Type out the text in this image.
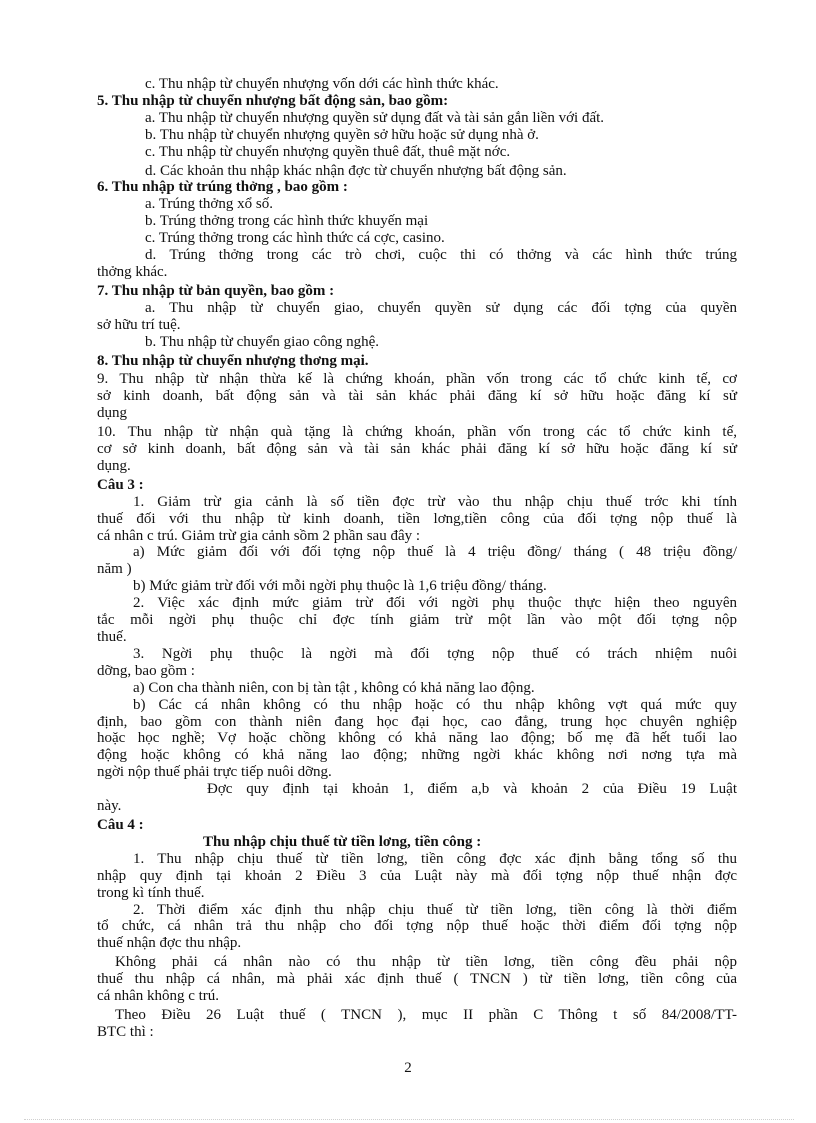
c. Thu nhập từ chuyển nhượng vốn dới các hình thức khác.
5. Thu nhập từ chuyển nhượng bất động sản, bao gồm:
a. Thu nhập từ chuyển nhượng quyền sử dụng đất và tài sản gắn liền với đất.
b. Thu nhập từ chuyển nhượng quyền sở hữu hoặc sử dụng nhà ở.
c. Thu nhập từ chuyển nhượng quyền thuê đất, thuê mặt nớc.
d. Các khoản thu nhập khác nhận đợc từ chuyển nhượng bất động sản.
6. Thu nhập từ trúng thởng , bao gồm :
a. Trúng thởng xổ số.
b. Trúng thởng trong các hình thức khuyến mại
c. Trúng thởng trong các hình thức cá cợc, casino.
d. Trúng thởng trong các trò chơi, cuộc thi có thởng và các hình thức trúng
thởng khác.
7. Thu nhập từ bản quyền, bao gồm :
a. Thu nhập từ chuyển giao, chuyển quyền sử dụng các đối tợng của quyền
sở hữu trí tuệ.
b. Thu nhập từ chuyển giao công nghệ.
8. Thu nhập từ chuyển nhượng thơng mại.
9. Thu nhập từ nhận thừa kế là chứng khoán, phần vốn trong các tổ chức kinh tế, cơ
sở kinh doanh, bất động sản và tài sản khác phải đăng kí sở hữu hoặc đăng kí sử
dụng
10. Thu nhập từ nhận quà tặng là chứng khoán, phần vốn trong các tổ chức kinh tế,
cơ sở kinh doanh, bất động sản và tài sản khác phải đăng kí sở hữu hoặc đăng kí sử
dụng.
Câu 3 :
1. Giảm trừ gia cảnh là số tiền đợc trừ vào thu nhập chịu thuế trớc khi tính
thuế đối với thu nhập từ kinh doanh, tiền lơng,tiền công của đối tợng nộp thuế là
cá nhân c trú. Giảm trừ gia cảnh sồm 2 phần sau đây :
a) Mức giảm đối với đối tợng nộp thuế là 4 triệu đồng/ tháng ( 48 triệu đồng/
năm )
b) Mức giảm trừ đối với mỗi ngời phụ thuộc là 1,6 triệu đồng/ tháng.
2. Việc xác định mức giảm trừ đối với ngời phụ thuộc thực hiện theo nguyên
tắc mỗi ngời phụ thuộc chỉ đợc tính giảm trừ một lần vào một đối tợng nộp
thuế.
3. Ngời phụ thuộc là ngời mà đối tợng nộp thuế có trách nhiệm nuôi
dỡng, bao gồm :
a) Con cha thành niên, con bị tàn tật , không có khả năng lao động.
b) Các cá nhân không có thu nhập hoặc có thu nhập không vợt quá mức quy
định, bao gồm con thành niên đang học đại học, cao đẳng, trung học chuyên nghiệp
hoặc học nghề; Vợ hoặc chồng không có khả năng lao động; bố mẹ đã hết tuổi lao
động hoặc không có khả năng lao động; những ngời khác không nơi nơng tựa mà
ngời nộp thuế phải trực tiếp nuôi dỡng.
Đợc quy định tại khoản 1, điểm a,b và khoản 2 của Điều 19 Luật
này.
Câu 4 :
Thu nhập chịu thuế từ tiền lơng, tiền công :
1. Thu nhập chịu thuế từ tiền lơng, tiền công đợc xác định bằng tổng số thu
nhập quy định tại khoản 2 Điều 3 của Luật này mà đối tợng nộp thuế nhận đợc
trong kì tính thuế.
2. Thời điểm xác định thu nhập chịu thuế từ tiền lơng, tiền công là thời điểm
tổ chức, cá nhân trả thu nhập cho đối tợng nộp thuế hoặc thời điểm đối tợng nộp
thuế nhận đợc thu nhập.
Không phải cá nhân nào có thu nhập từ tiền lơng, tiền công đều phải nộp
thuế thu nhập cá nhân, mà phải xác định thuế ( TNCN ) từ tiền lơng, tiền công của
cá nhân không c trú.
Theo Điều 26 Luật thuế ( TNCN ), mục II phần C Thông t số 84/2008/TT-
BTC thì :
2
